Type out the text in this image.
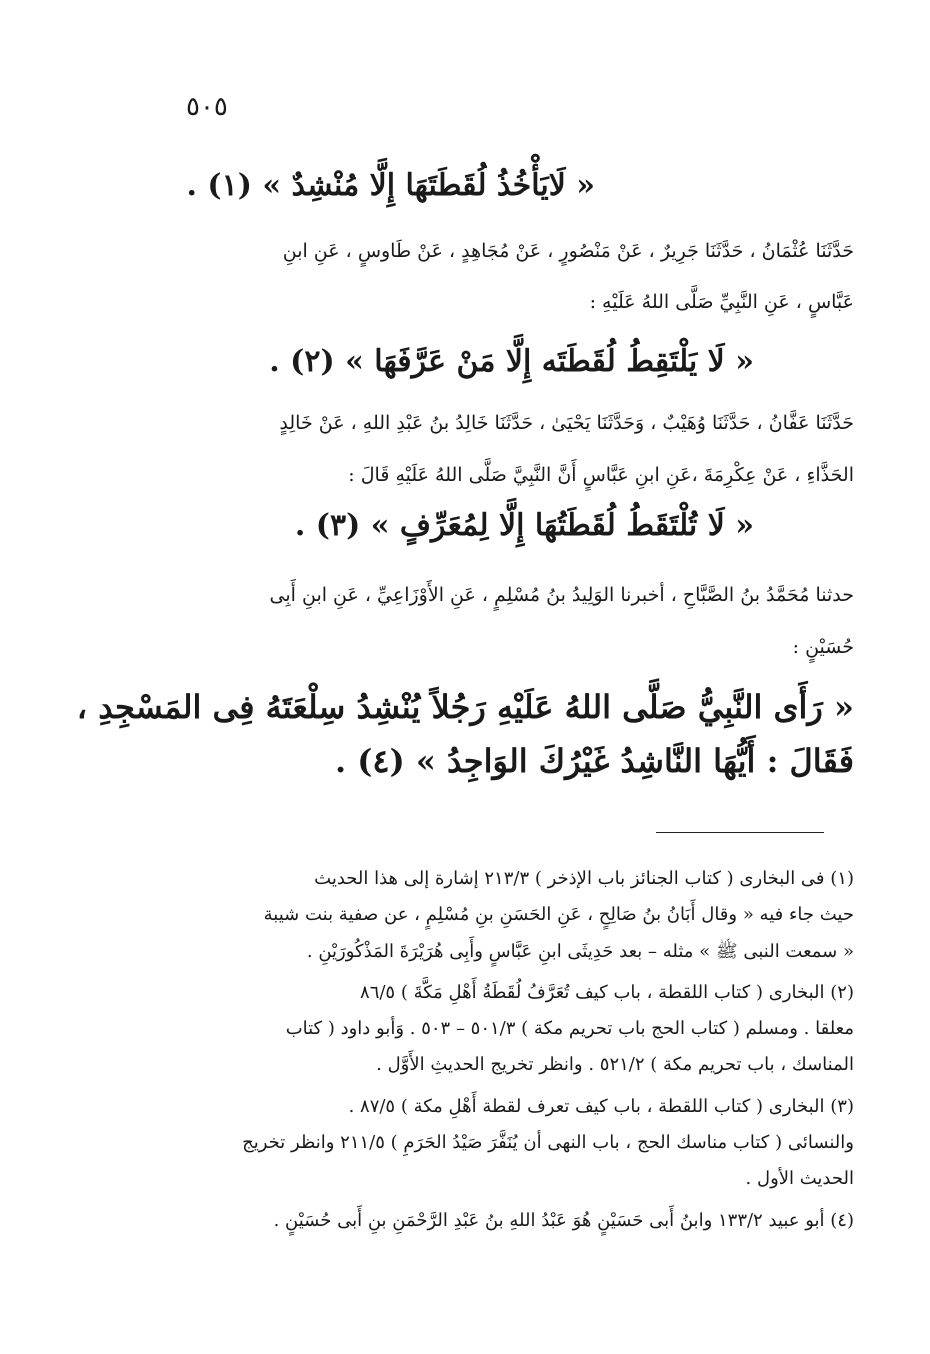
٥٠٥
« لَايَأْخُذُ لُقَطَتَهَا إِلَّا مُنْشِدٌ » (١) .
حَدَّثَنَا عُثْمَانُ ، حَدَّثَنَا جَرِيرٌ ، عَنْ مَنْصُورٍ ، عَنْ مُجَاهِدٍ ، عَنْ طَاوسٍ ، عَنِ ابنِ
عَبَّاسٍ ، عَنِ النَّبِيِّ صَلَّى اللهُ عَلَيْهِ :
« لَا يَلْتَقِطُ لُقَطَتَه إِلَّا مَنْ عَرَّفَهَا » (٢) .
حَدَّثَنَا عَفَّانُ ، حَدَّثَنَا وُهَيْبٌ ، وَحَدَّثَنَا يَحْيَىٰ ، حَدَّثَنَا خَالِدُ بنُ عَبْدِ اللهِ ، عَنْ خَالِدٍ
الحَذَّاءِ ، عَنْ عِكْرِمَةَ ،عَنِ ابنِ عَبَّاسٍ أَنَّ النَّبِيَّ صَلَّى اللهُ عَلَيْهِ قَالَ :
« لَا تُلْتَقَطُ لُقَطَتُهَا إِلَّا لِمُعَرِّفٍ » (٣) .
حدثنا مُحَمَّدُ بنُ الصَّبَّاحِ ، أخبرنا الوَلِيدُ بنُ مُسْلِمٍ ، عَنِ الأَوْزَاعِيِّ ، عَنِ ابنِ أَبِى
حُسَيْنٍ :
« رَأَى النَّبِيُّ صَلَّى اللهُ عَلَيْهِ رَجُلاً يُنْشِدُ سِلْعَتَهُ فِى المَسْجِدِ ،
فَقَالَ : أَيُّهَا النَّاشِدُ غَيْرُكَ الوَاجِدُ » (٤) .
(١) فى البخارى ( كتاب الجنائز باب الإذخر ) ٢١٣/٣ إشارة إلى هذا الحديث
حيث جاء فيه « وقال أَبَانُ بنُ صَالِحٍ ، عَنِ الحَسَنِ بنِ مُسْلِمٍ ، عن صفية بنت شيبة
« سمعت النبى ﷺ » مثله – بعد حَدِيثَى ابنِ عَبَّاسٍ وأَبِى هُرَيْرَةَ المَذْكُورَيْنِ .
(٢) البخارى ( كتاب اللقطة ، باب كيف تُعَرَّفُ لُقَطَةُ أَهْلِ مَكَّةَ ) ٨٦/٥
معلقا . ومسلم ( كتاب الحج باب تحريم مكة ) ٥٠١/٣ – ٥٠٣ . وَأبو داود ( كتاب
المناسك ، باب تحريم مكة ) ٥٢١/٢ . وانظر تخريج الحديثِ الأَوَّل .
(٣) البخارى ( كتاب اللقطة ، باب كيف تعرف لقطة أَهْلِ مكة ) ٨٧/٥ .
والنسائى ( كتاب مناسك الحج ، باب النهى أن يُنَفَّرَ صَيْدُ الحَرَمِ ) ٢١١/٥ وانظر تخريج
الحديث الأول .
(٤) أبو عبيد ١٣٣/٢ وابنُ أَبى حَسَيْنٍ هُوَ عَبْدُ اللهِ بنُ عَبْدِ الرَّحْمَنِ بنِ أَبى حُسَيْنٍ .
